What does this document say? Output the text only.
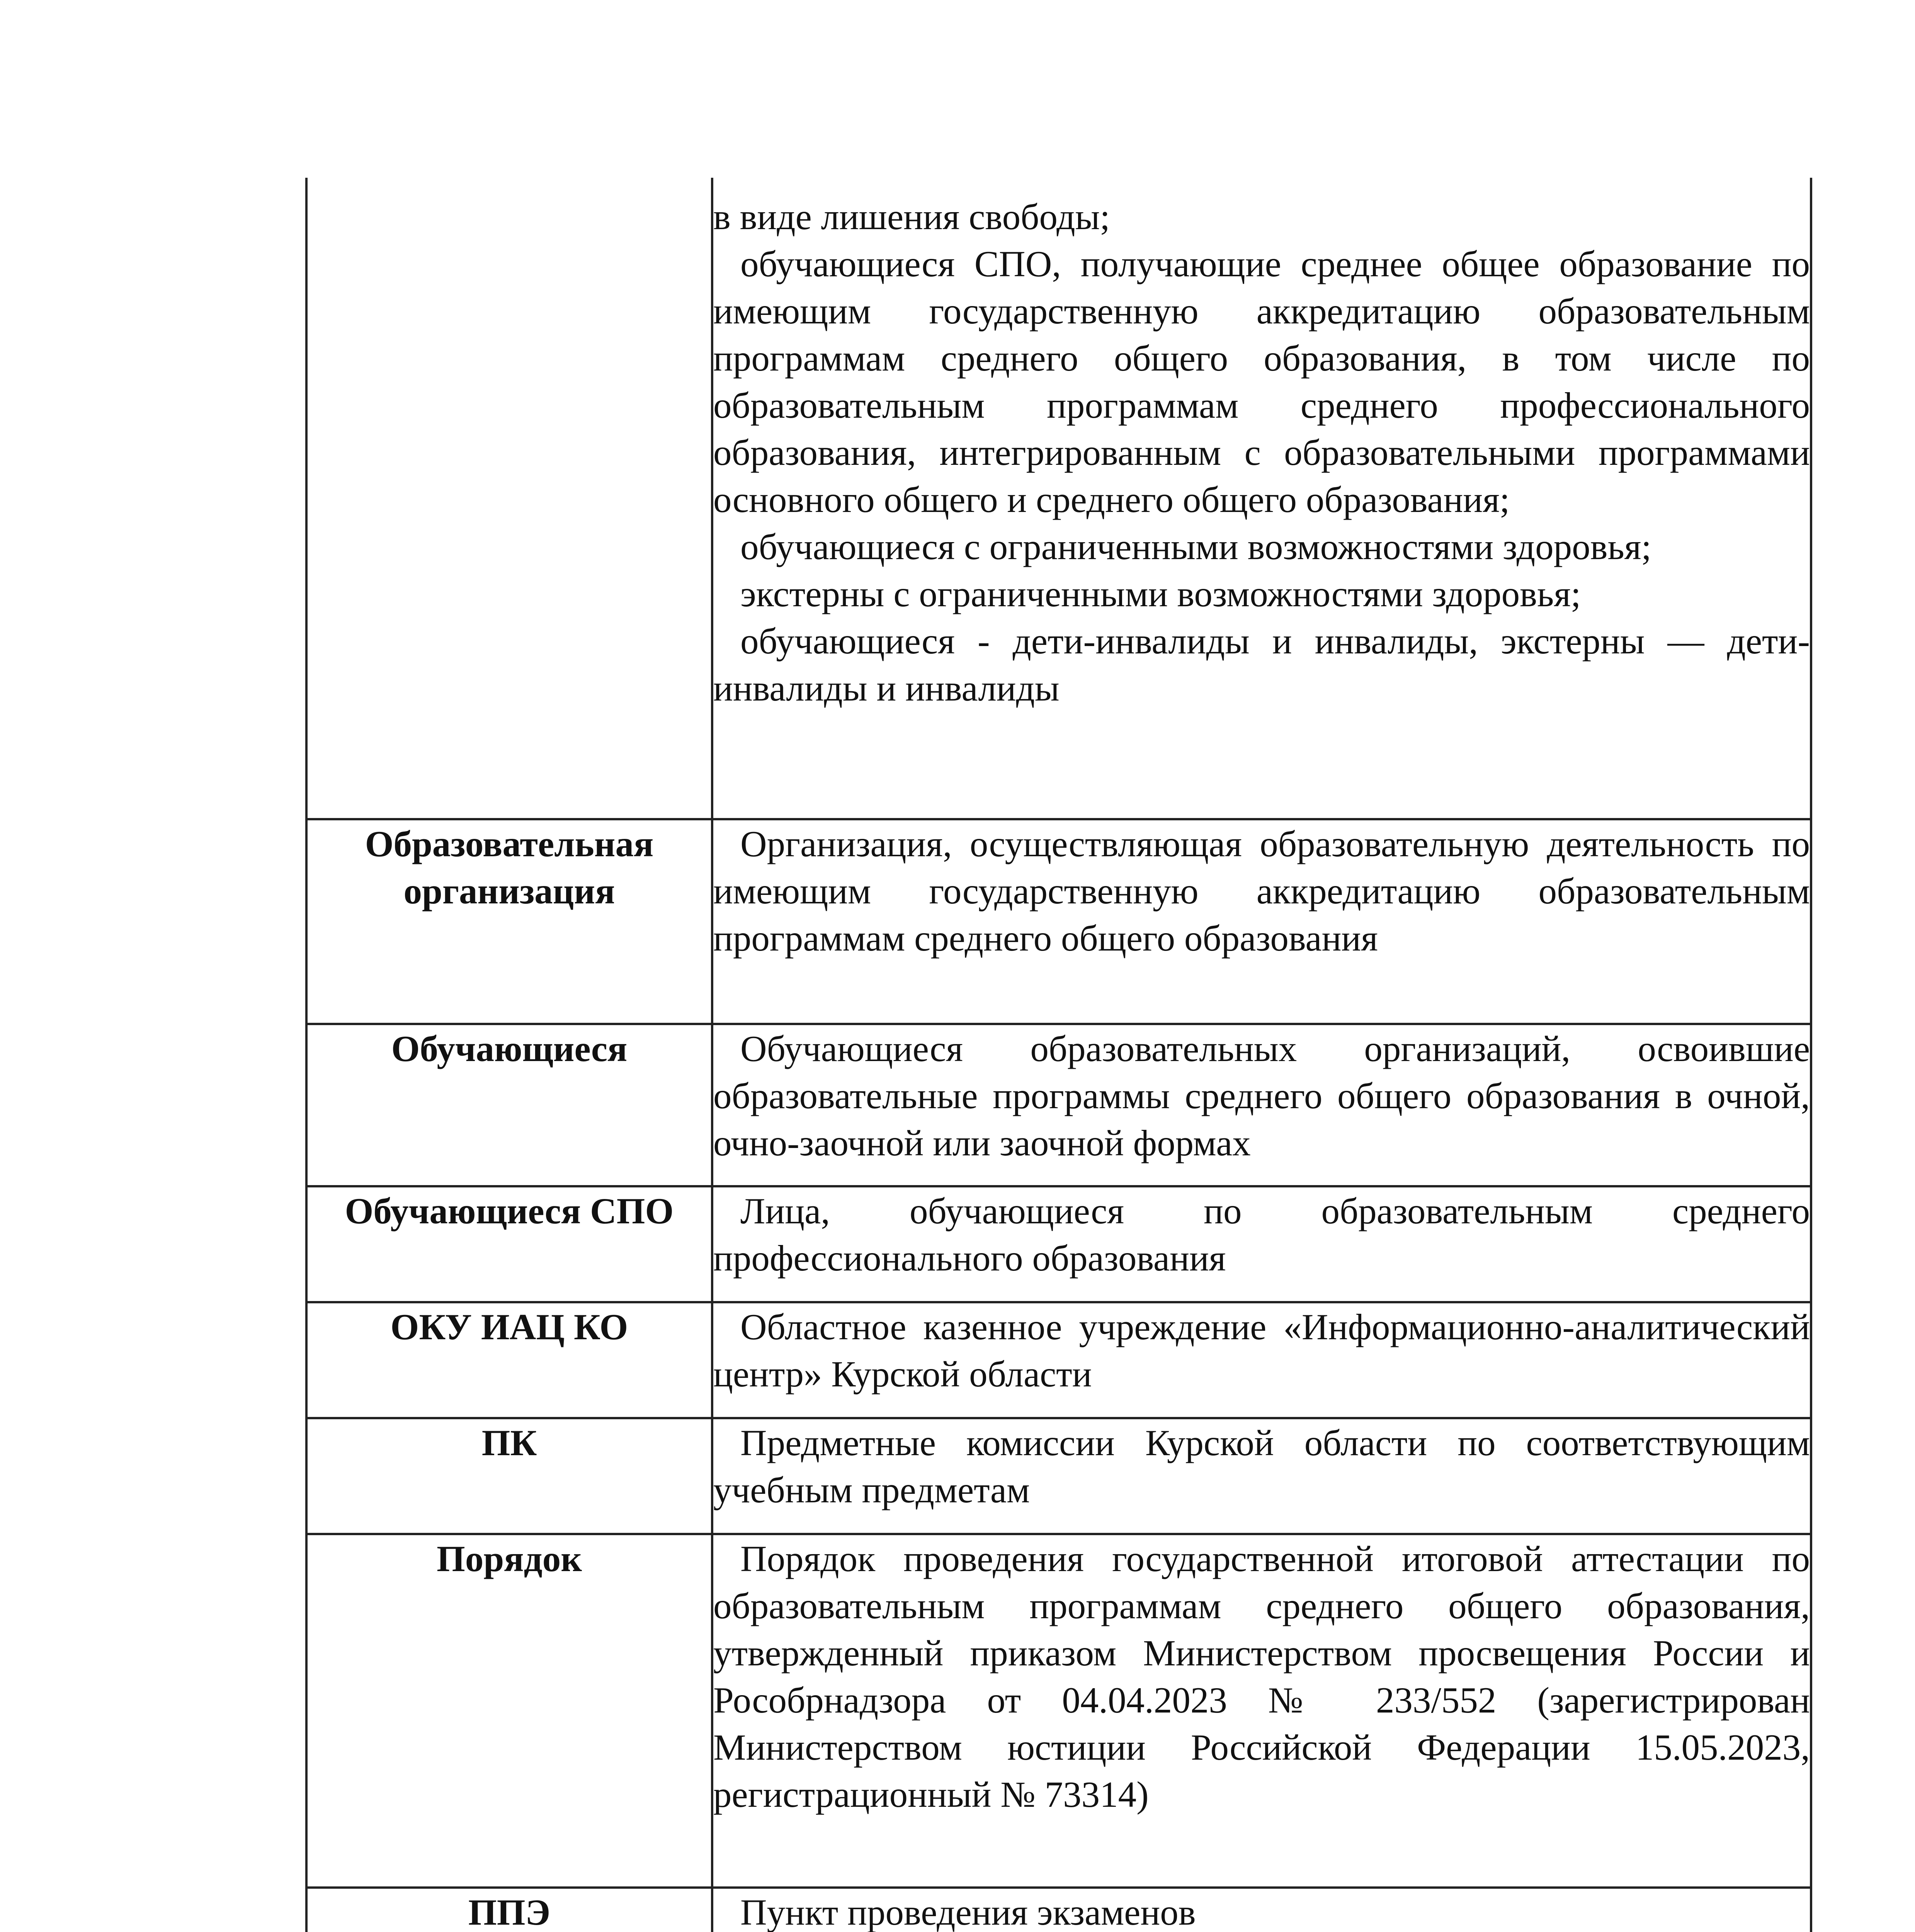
	в виде лишения свободы;

обучающиеся СПО, получающие среднее общее образование по имеющим государственную аккредитацию образовательным программам среднего общего образования, в том числе по образовательным программам среднего профессионального образования, интегрированным с образовательными программами основного общего и среднего общего образования;

обучающиеся с ограниченными возможностями здоровья;

экстерны с ограниченными возможностями здоровья;

обучающиеся - дети-инвалиды и инвалиды, экстерны — дети-инвалиды и инвалиды

Образовательная организация	Организация, осуществляющая образовательную деятельность по имеющим государственную аккредитацию образовательным программам среднего общего образования

Обучающиеся	Обучающиеся образовательных организаций, освоившие образовательные программы среднего общего образования в очной, очно-заочной или заочной формах

Обучающиеся СПО	Лица, обучающиеся по образовательным среднего профессионального образования

ОКУ ИАЦ КО	Областное казенное учреждение «Информационно-аналитический центр» Курской области

ПК	Предметные комиссии Курской области по соответствующим учебным предметам

Порядок	Порядок проведения государственной итоговой аттестации по образовательным программам среднего общего образования, утвержденный приказом Министерством просвещения России и Рособрнадзора от 04.04.2023 № 233/552 (зарегистрирован Министерством юстиции Российской Федерации 15.05.2023, регистрационный № 73314)

ППЭ	Пункт проведения экзаменов
